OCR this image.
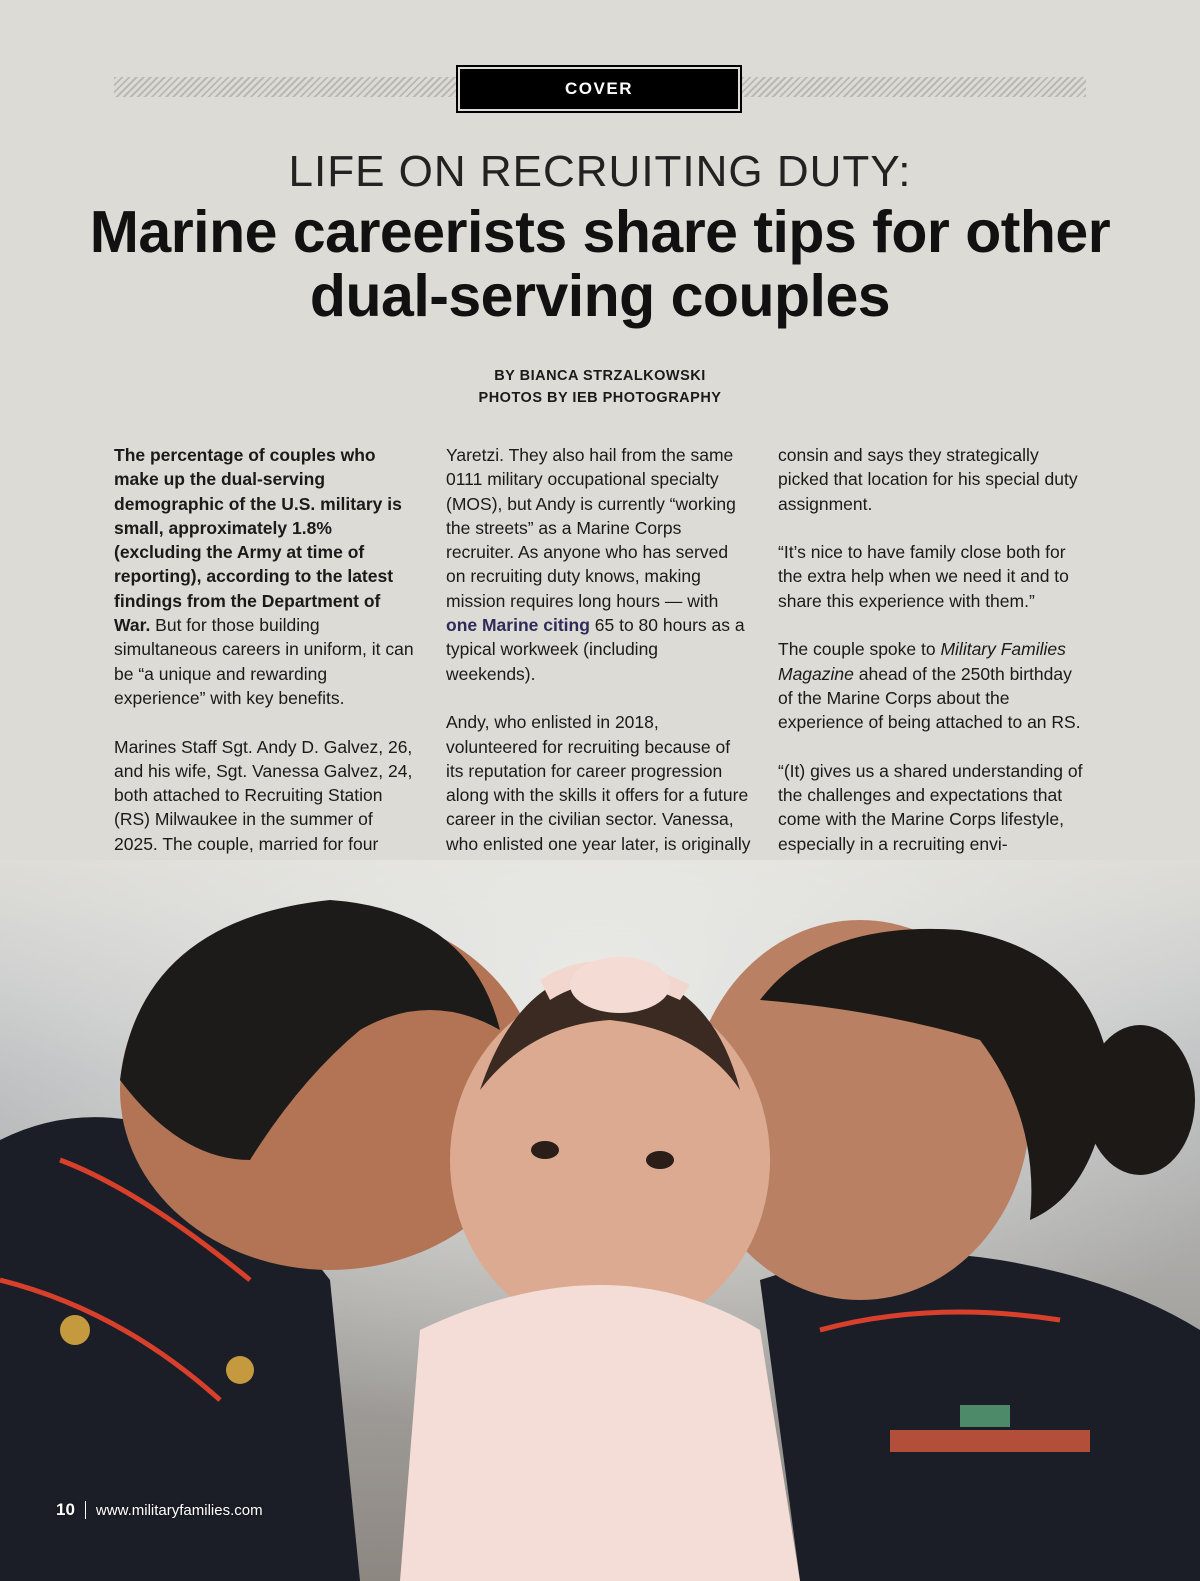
COVER
LIFE ON RECRUITING DUTY:
Marine careerists share tips for other dual-serving couples
BY BIANCA STRZALKOWSKI
PHOTOS BY IEB PHOTOGRAPHY

The percentage of couples who make up the dual-serving demographic of the U.S. military is small, approximately 1.8% (excluding the Army at time of reporting), according to the latest findings from the Department of War. But for those building simultaneous careers in uniform, it can be “a unique and rewarding experience” with key benefits.

Marines Staff Sgt. Andy D. Galvez, 26, and his wife, Sgt. Vanessa Galvez, 24, both attached to Recruiting Station (RS) Milwaukee in the summer of 2025. The couple, married for four

Yaretzi. They also hail from the same 0111 military occupational specialty (MOS), but Andy is currently “working the streets” as a Marine Corps recruiter. As anyone who has served on recruiting duty knows, making mission requires long hours — with one Marine citing 65 to 80 hours as a typical workweek (including weekends).

Andy, who enlisted in 2018, volunteered for recruiting because of its reputation for career progression along with the skills it offers for a future career in the civilian sector. Vanessa, who enlisted one year later, is originally

consin and says they strategically picked that location for his special duty assignment.

“It’s nice to have family close both for the extra help when we need it and to share this experience with them.”

The couple spoke to Military Families Magazine ahead of the 250th birthday of the Marine Corps about the experience of being attached to an RS.

“(It) gives us a shared understanding of the challenges and expectations that come with the Marine Corps lifestyle, especially in a recruiting envi-

10 www.militaryfamilies.com
